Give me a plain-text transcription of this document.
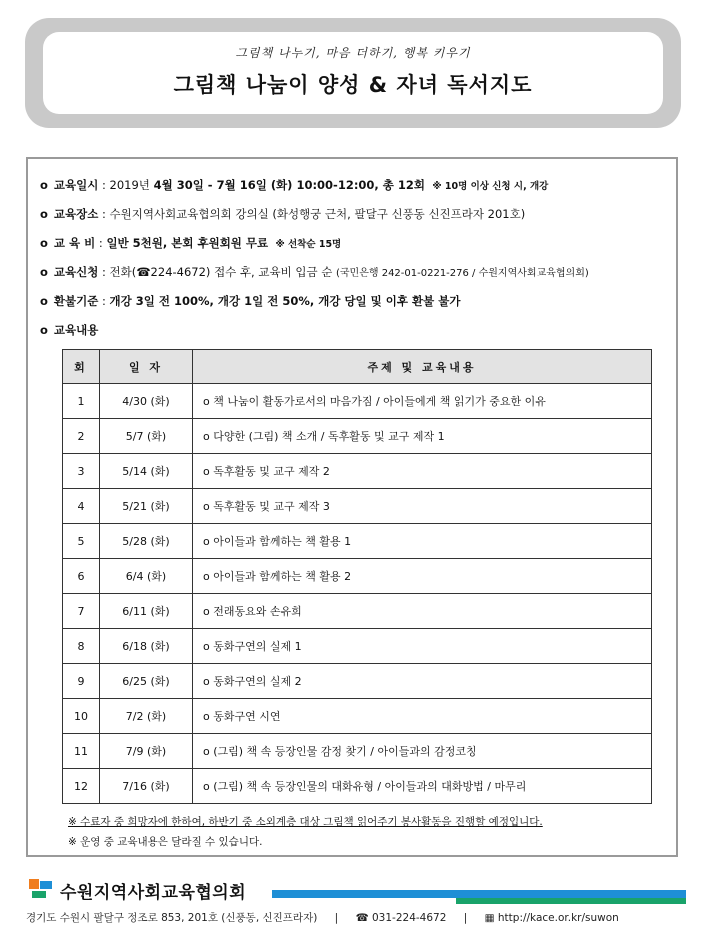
그림책 나누기, 마음 더하기, 행복 키우기
그림책 나눔이 양성 & 자녀 독서지도
o 교육일시 : 2019년 4월 30일 - 7월 16일 (화) 10:00-12:00, 총 12회 ※ 10명 이상 신청 시, 개강
o 교육장소 : 수원지역사회교육협의회 강의실 (화성행궁 근처, 팔달구 신풍동 신진프라자 201호)
o 교 육 비 : 일반 5천원, 본회 후원회원 무료 ※ 선착순 15명
o 교육신청 : 전화(☎224-4672) 접수 후, 교육비 입금 순 (국민은행 242-01-0221-276 / 수원지역사회교육협의회)
o 환불기준 : 개강 3일 전 100%, 개강 1일 전 50%, 개강 당일 및 이후 환불 불가
o 교육내용
회	일 자	주제 및 교육내용
1	4/30 (화)	o 책 나눔이 활동가로서의 마음가짐 / 아이들에게 책 읽기가 중요한 이유
2	5/7 (화)	o 다양한 (그림) 책 소개 / 독후활동 및 교구 제작 1
3	5/14 (화)	o 독후활동 및 교구 제작 2
4	5/21 (화)	o 독후활동 및 교구 제작 3
5	5/28 (화)	o 아이들과 함께하는 책 활용 1
6	6/4 (화)	o 아이들과 함께하는 책 활용 2
7	6/11 (화)	o 전래동요와 손유희
8	6/18 (화)	o 동화구연의 실제 1
9	6/25 (화)	o 동화구연의 실제 2
10	7/2 (화)	o 동화구연 시연
11	7/9 (화)	o (그림) 책 속 등장인물 감정 찾기 / 아이들과의 감정코칭
12	7/16 (화)	o (그림) 책 속 등장인물의 대화유형 / 아이들과의 대화방법 / 마무리
※ 수료자 중 희망자에 한하여, 하반기 중 소외계층 대상 그림책 읽어주기 봉사활동을 진행할 예정입니다.
※ 운영 중 교육내용은 달라질 수 있습니다.
수원지역사회교육협의회
경기도 수원시 팔달구 정조로 853, 201호 (신풍동, 신진프라자) | ☎ 031-224-4672 | ▦ http://kace.or.kr/suwon
